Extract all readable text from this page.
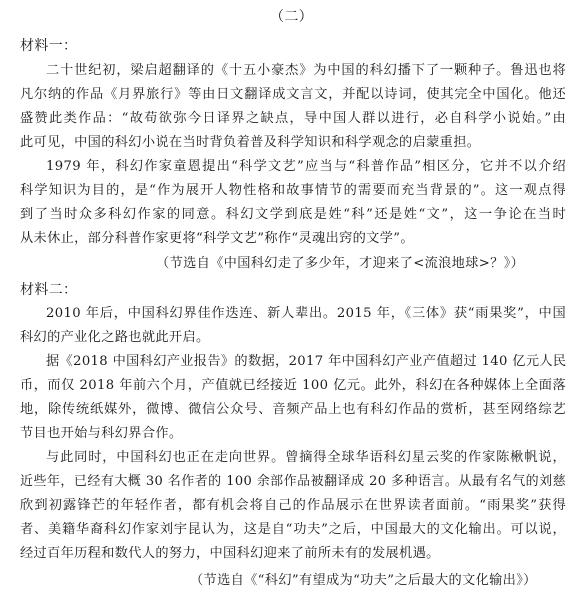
（二）
材料一：
二十世纪初，梁启超翻译的《十五小豪杰》为中国的科幻播下了一颗种子。鲁迅也将
凡尔纳的作品《月界旅行》等由日文翻译成文言文，并配以诗词，使其完全中国化。他还
盛赞此类作品：“故苟欲弥今日译界之缺点，导中国人群以进行，必自科学小说始。”由
此可见，中国的科幻小说在当时背负着普及科学知识和科学观念的启蒙重担。
1979 年，科幻作家童恩提出“科学文艺”应当与“科普作品”相区分，它并不以介绍
科学知识为目的，是“作为展开人物性格和故事情节的需要而充当背景的”。这一观点得
到了当时众多科幻作家的同意。科幻文学到底是姓“科”还是姓“文”，这一争论在当时
从未休止，部分科普作家更将“科学文艺”称作“灵魂出窍的文学”。
（节选自《中国科幻走了多少年，才迎来了<流浪地球>？》）
材料二：
2010 年后，中国科幻界佳作迭连、新人辈出。2015 年，《三体》获“雨果奖”，中国
科幻的产业化之路也就此开启。
据《2018 中国科幻产业报告》的数据，2017 年中国科幻产业产值超过 140 亿元人民
币，而仅 2018 年前六个月，产值就已经接近 100 亿元。此外，科幻在各种媒体上全面落
地，除传统纸媒外，微博、微信公众号、音频产品上也有科幻作品的赏析，甚至网络综艺
节目也开始与科幻界合作。
与此同时，中国科幻也正在走向世界。曾摘得全球华语科幻星云奖的作家陈楸帆说，
近些年，已经有大概 30 名作者的 100 余部作品被翻译成 20 多种语言。从最有名气的刘慈
欣到初露锋芒的年轻作者，都有机会将自己的作品展示在世界读者面前。“雨果奖”获得
者、美籍华裔科幻作家刘宇昆认为，这是自“功夫”之后，中国最大的文化输出。可以说，
经过百年历程和数代人的努力，中国科幻迎来了前所未有的发展机遇。
（节选自《“科幻”有望成为“功夫”之后最大的文化输出》）
